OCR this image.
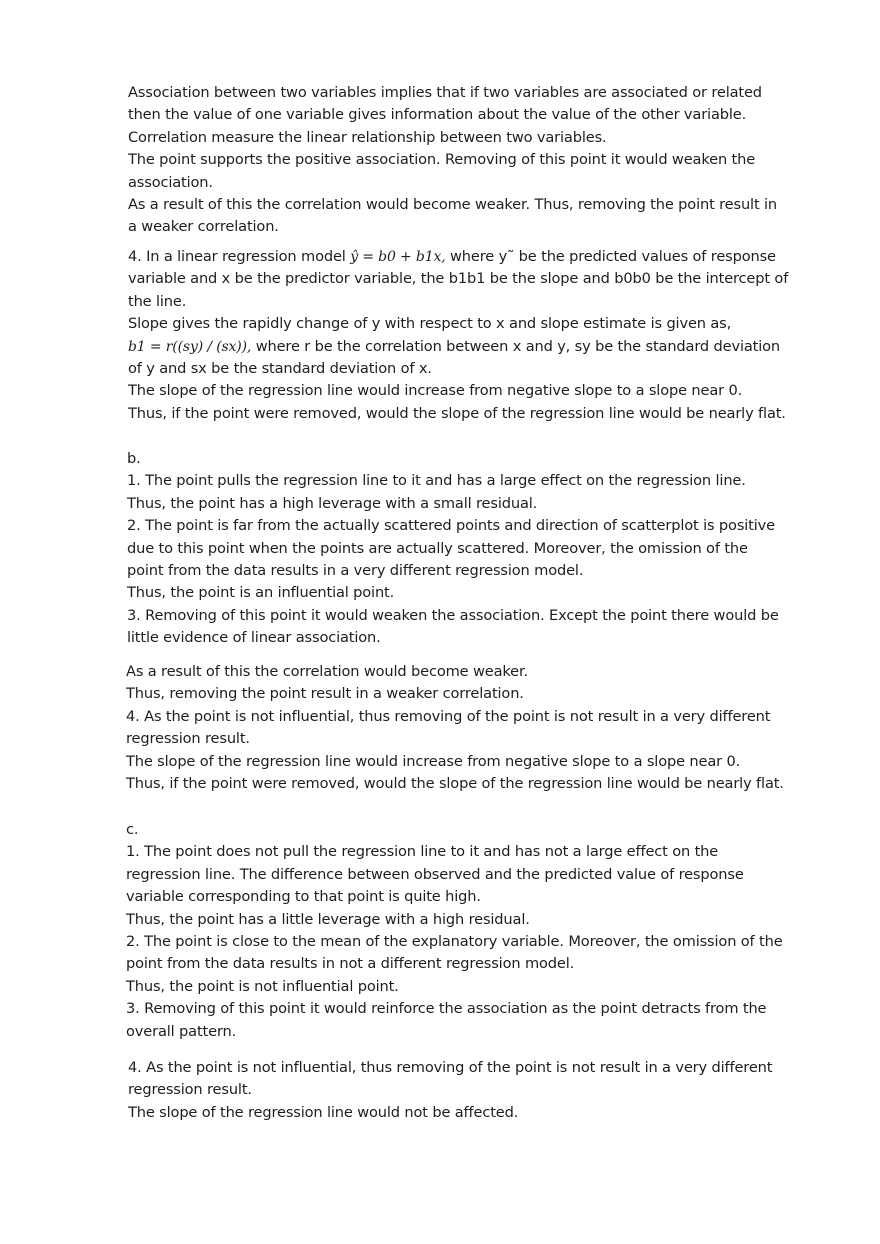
Association between two variables implies that if two variables are associated or related
then the value of one variable gives information about the value of the other variable.
Correlation measure the linear relationship between two variables.
The point supports the positive association. Removing of this point it would weaken the
association.
As a result of this the correlation would become weaker. Thus, removing the point result in
a weaker correlation.
4. In a linear regression model ŷ = b0 + b1x, where y˜ be the predicted values of response
variable and x be the predictor variable, the b1b1 be the slope and b0b0 be the intercept of
the line.
Slope gives the rapidly change of y with respect to x and slope estimate is given as,
b1 = r((sy) / (sx)), where r be the correlation between x and y, sy be the standard deviation
of y and sx be the standard deviation of x.
The slope of the regression line would increase from negative slope to a slope near 0.
Thus, if the point were removed, would the slope of the regression line would be nearly flat.
b.
1. The point pulls the regression line to it and has a large effect on the regression line.
Thus, the point has a high leverage with a small residual.
2. The point is far from the actually scattered points and direction of scatterplot is positive
due to this point when the points are actually scattered. Moreover, the omission of the
point from the data results in a very different regression model.
Thus, the point is an influential point.
3. Removing of this point it would weaken the association. Except the point there would be
little evidence of linear association.
As a result of this the correlation would become weaker.
Thus, removing the point result in a weaker correlation.
4. As the point is not influential, thus removing of the point is not result in a very different
regression result.
The slope of the regression line would increase from negative slope to a slope near 0.
Thus, if the point were removed, would the slope of the regression line would be nearly flat.
c.
1. The point does not pull the regression line to it and has not a large effect on the
regression line. The difference between observed and the predicted value of response
variable corresponding to that point is quite high.
Thus, the point has a little leverage with a high residual.
2. The point is close to the mean of the explanatory variable. Moreover, the omission of the
point from the data results in not a different regression model.
Thus, the point is not influential point.
3. Removing of this point it would reinforce the association as the point detracts from the
overall pattern.
4. As the point is not influential, thus removing of the point is not result in a very different
regression result.
The slope of the regression line would not be affected.
